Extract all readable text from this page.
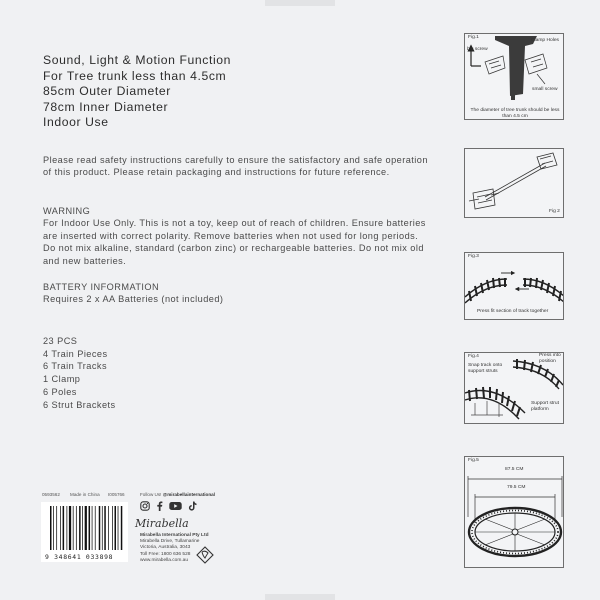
Sound, Light & Motion Function
For Tree trunk less than 4.5cm
85cm Outer Diameter
78cm Inner Diameter
Indoor Use
Please read safety instructions carefully to ensure the satisfactory and safe operation of this product. Please retain packaging and instructions for future reference.
WARNING
For Indoor Use Only. This is not a toy, keep out of reach of children. Ensure batteries are inserted with correct polarity. Remove batteries when not used for long periods. Do not mix alkaline, standard (carbon zinc) or rechargeable batteries. Do not mix old and new batteries.
BATTERY INFORMATION
Requires 2 x AA Batteries (not included)
23 PCS
4 Train Pieces
6 Train Tracks
1 Clamp
6 Poles
6 Strut Brackets
0593562 Made in China I005766	Follow Us! @mirabellainternational
9 348641 033898
Mirabella
Mirabella International Pty Ltd
Mirabella Drive, Tullamarine
Victoria, Australia, 3043
Toll Free: 1800 636 528
www.mirabella.com.au
Fig.1
Clamp Holes
big screw
small screw
The diameter of tree trunk should be less than 4.5 cm
Fig 2
Fig.3
Press fit section of track together
Fig.4
Snap track onto support struts
Press into position
Support strut platform
Fig.5
87.5 CM
79.5 CM
